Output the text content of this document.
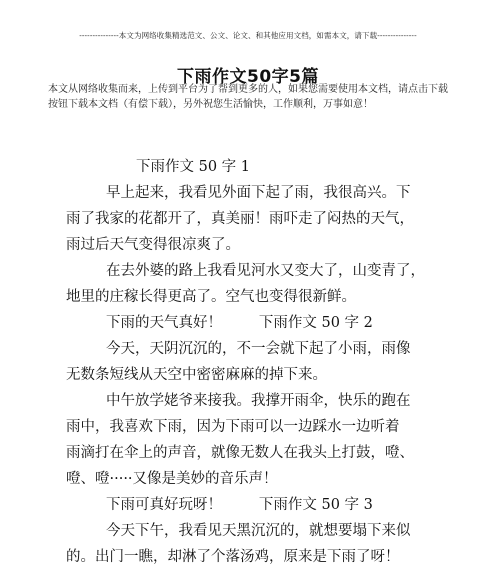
---------------本文为网络收集精选范文、公文、论文、和其他应用文档，如需本文，请下载---------------
下雨作文50字5篇
本文从网络收集而来，上传到平台为了帮到更多的人，如果您需要使用本文档，请点击下载按钮下载本文档（有偿下载），另外祝您生活愉快，工作顺利，万事如意！
下雨作文 50 字 1
早上起来，我看见外面下起了雨，我很高兴。下
雨了我家的花都开了，真美丽！雨吓走了闷热的天气，
雨过后天气变得很凉爽了。
在去外婆的路上我看见河水又变大了，山变青了，
地里的庄稼长得更高了。空气也变得很新鲜。
下雨的天气真好！        下雨作文 50 字 2
今天，天阴沉沉的，不一会就下起了小雨，雨像
无数条短线从天空中密密麻麻的掉下来。
中午放学姥爷来接我。我撑开雨伞，快乐的跑在
雨中，我喜欢下雨，因为下雨可以一边踩水一边听着
雨滴打在伞上的声音，就像无数人在我头上打鼓，噔、
噔、噔·····又像是美妙的音乐声！
下雨可真好玩呀！        下雨作文 50 字 3
今天下午，我看见天黑沉沉的，就想要塌下来似
的。出门一瞧，却淋了个落汤鸡，原来是下雨了呀！
